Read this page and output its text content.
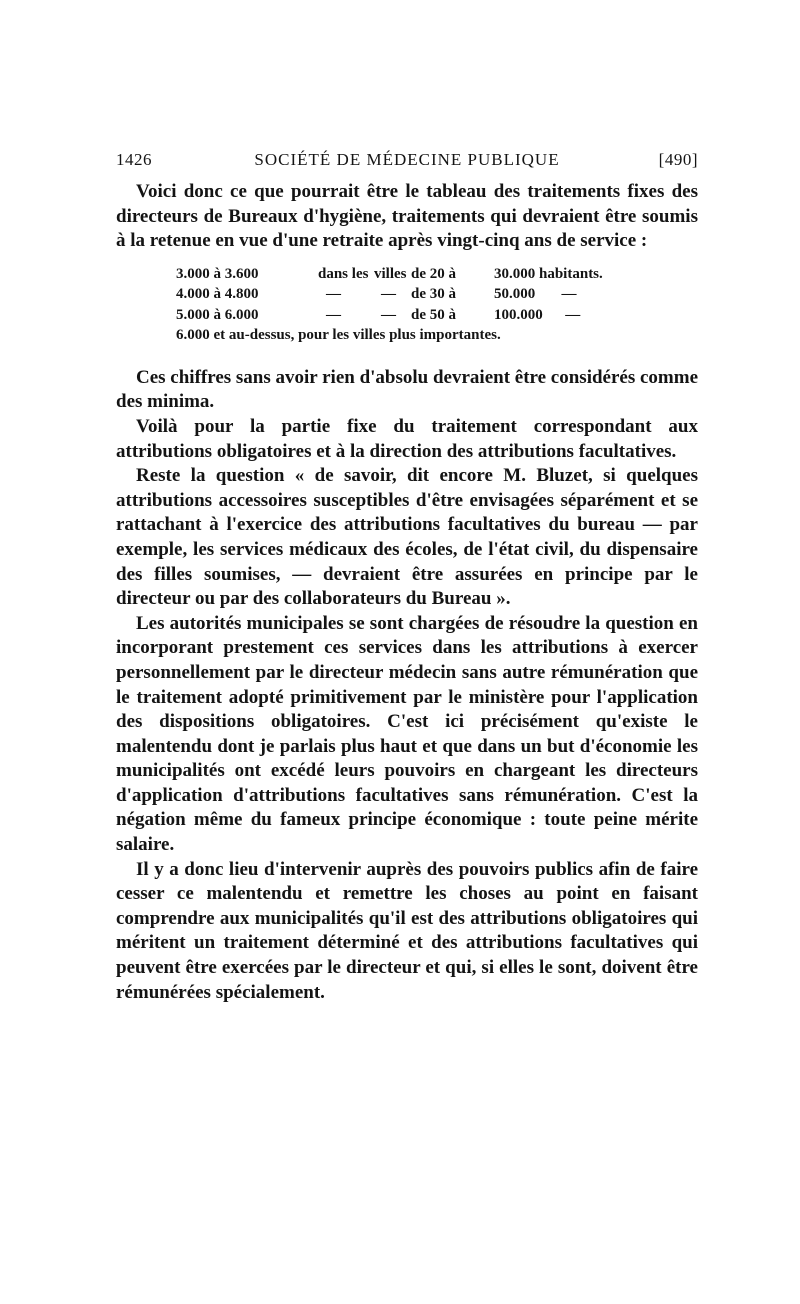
1426	SOCIÉTÉ DE MÉDECINE PUBLIQUE	[490]

Voici donc ce que pourrait être le tableau des traitements fixes des directeurs de Bureaux d'hygiène, traitements qui devraient être soumis à la retenue en vue d'une retraite après vingt-cinq ans de service :

3.000 à 3.600	dans les villes de 20 à	30.000 habitants.
4.000 à 4.800	—	— de 30 à	50.000       —
5.000 à 6.000	—	— de 50 à	100.000      —
6.000 et au-dessus, pour les villes plus importantes.

Ces chiffres sans avoir rien d'absolu devraient être considérés comme des minima.

Voilà pour la partie fixe du traitement correspondant aux attributions obligatoires et à la direction des attributions facultatives.

Reste la question « de savoir, dit encore M. Bluzet, si quelques attributions accessoires susceptibles d'être envisagées séparément et se rattachant à l'exercice des attributions facultatives du bureau — par exemple, les services médicaux des écoles, de l'état civil, du dispensaire des filles soumises, — devraient être assurées en principe par le directeur ou par des collaborateurs du Bureau ».

Les autorités municipales se sont chargées de résoudre la question en incorporant prestement ces services dans les attributions à exercer personnellement par le directeur médecin sans autre rémunération que le traitement adopté primitivement par le ministère pour l'application des dispositions obligatoires. C'est ici précisément qu'existe le malentendu dont je parlais plus haut et que dans un but d'économie les municipalités ont excédé leurs pouvoirs en chargeant les directeurs d'application d'attributions facultatives sans rémunération. C'est la négation même du fameux principe économique : toute peine mérite salaire.

Il y a donc lieu d'intervenir auprès des pouvoirs publics afin de faire cesser ce malentendu et remettre les choses au point en faisant comprendre aux municipalités qu'il est des attributions obligatoires qui méritent un traitement déterminé et des attributions facultatives qui peuvent être exercées par le directeur et qui, si elles le sont, doivent être rémunérées spécialement.
